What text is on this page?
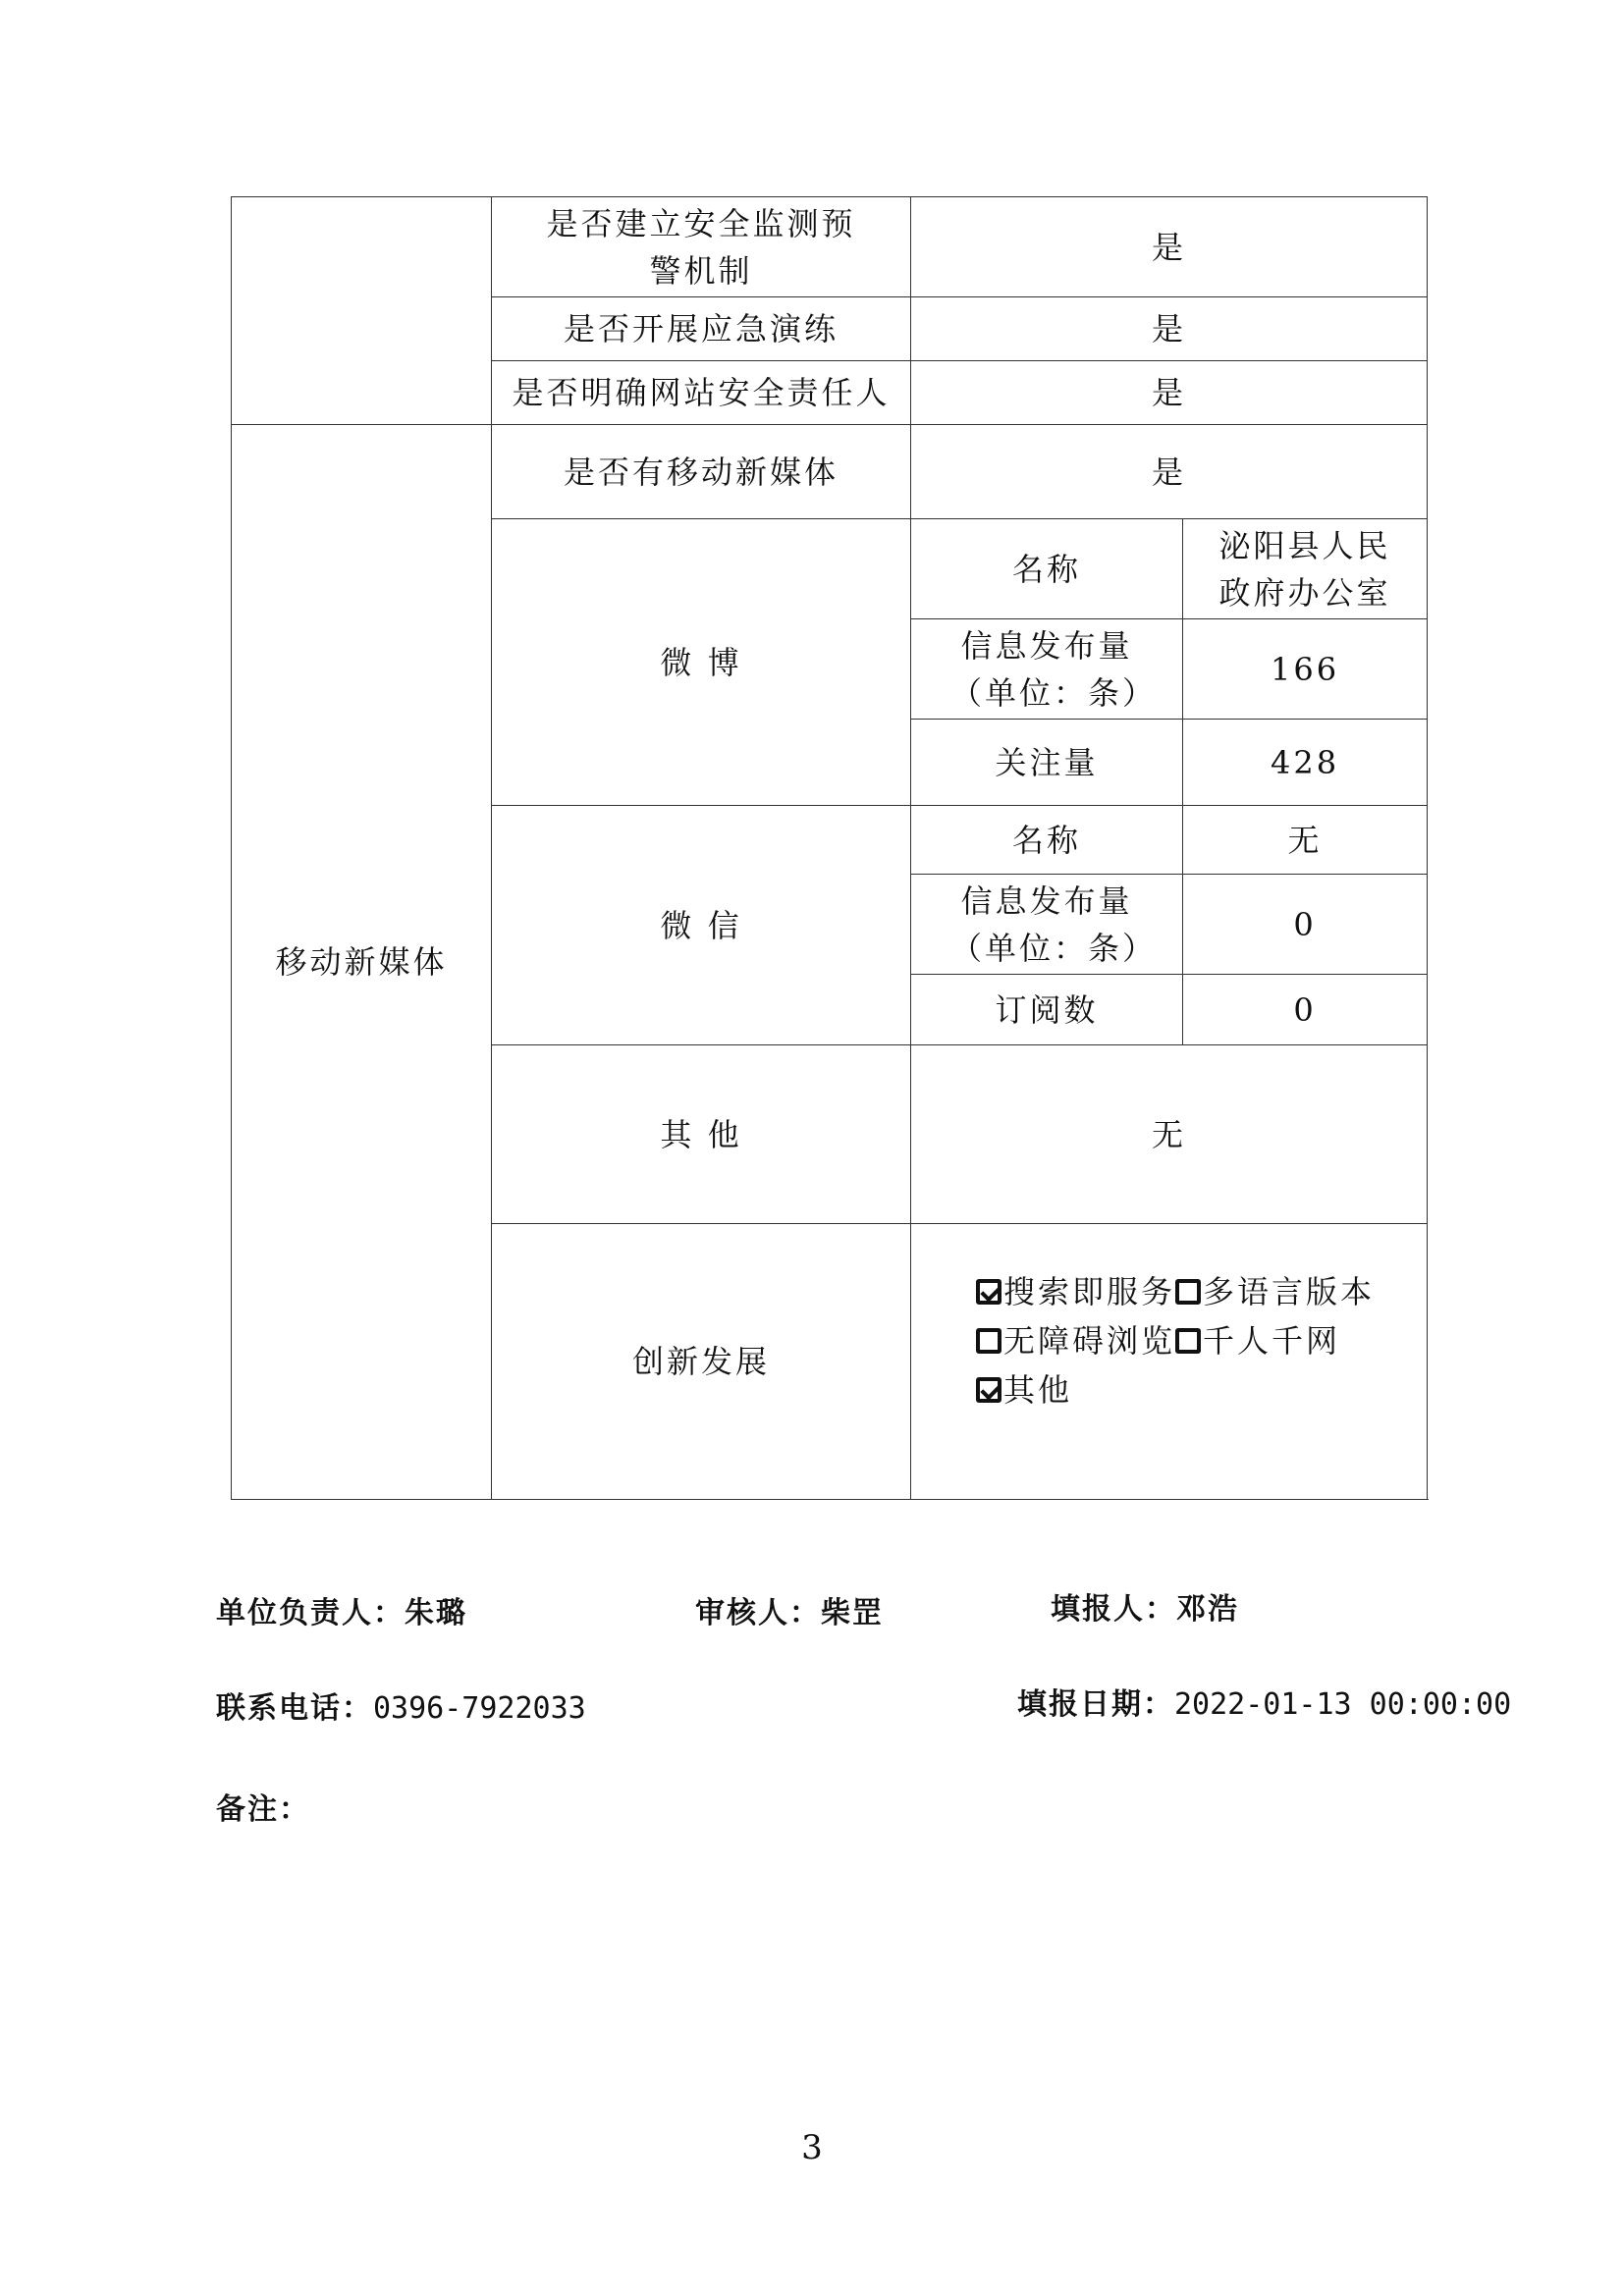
	是否建立安全监测预警机制	是	
	是否开展应急演练	是	
	是否明确网站安全责任人	是	
移动新媒体	是否有移动新媒体	是	
	微 博	名称	泌阳县人民政府办公室
		信息发布量（单位：条）	166
		关注量	428
	微 信	名称	无
		信息发布量（单位：条）	0
		订阅数	0
	其 他	无	
	创新发展	搜索即服务 多语言版本
无障碍浏览 千人千网
其他	
单位负责人：朱璐	审核人：柴罡	填报人：邓浩
联系电话：0396-7922033	填报日期：2022-01-13 00:00:00
备注：
3
